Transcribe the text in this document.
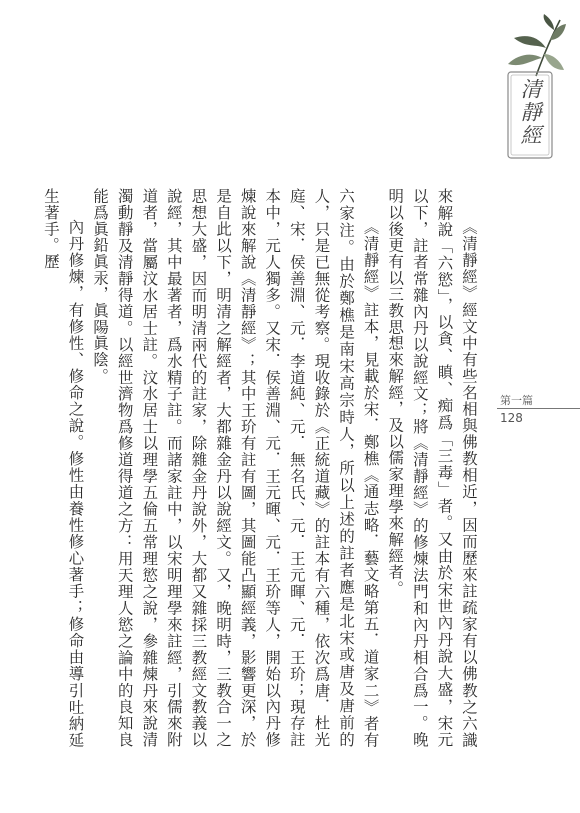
清靜經
第一篇
128

《清靜經》經文中有些名相與佛教相近，因而歷來註疏家有以佛教之六識來解說「六慾」，以貪、瞋、痴爲「三毒」者。又由於宋世內丹說大盛，宋元以下，註者常雜內丹以說經文；將《清靜經》的修煉法門和內丹相合爲一。晚明以後更有以三教思想來解經，及以儒家理學來解經者。

《清靜經》註本，見載於宋．鄭樵《通志略．藝文略第五．道家二》者有六家注。由於鄭樵是南宋高宗時人，所以上述的註者應是北宋或唐及唐前的人，只是已無從考察。現收錄於《正統道藏》的註本有六種，依次爲唐．杜光庭、宋．侯善淵、元．李道純、元．無名氏、元．王元暉、元．王玠；現存註本中，元人獨多。又宋．侯善淵、元．王元暉、元．王玠等人，開始以內丹修煉說來解說《清靜經》；其中王玠有註有圖，其圖能凸顯經義，影響更深，於是自此以下，明清之解經者，大都雜金丹以說經文。又，晚明時，三教合一之思想大盛，因而明清兩代的註家，除雜金丹說外，大都又雜採三教經文教義以說經，其中最著者，爲水精子註。而諸家註中，以宋明理學來註經，引儒來附道者，當屬汶水居士註。汶水居士以理學五倫五常理慾之說，參雜煉丹來說清濁動靜及清靜得道。以經世濟物爲修道得道之方：用天理人慾之論中的良知良能爲眞鉛眞汞，眞陽眞陰。

內丹修煉，有修性、修命之說。修性由養性修心著手；修命由導引吐納延生著手。歷
